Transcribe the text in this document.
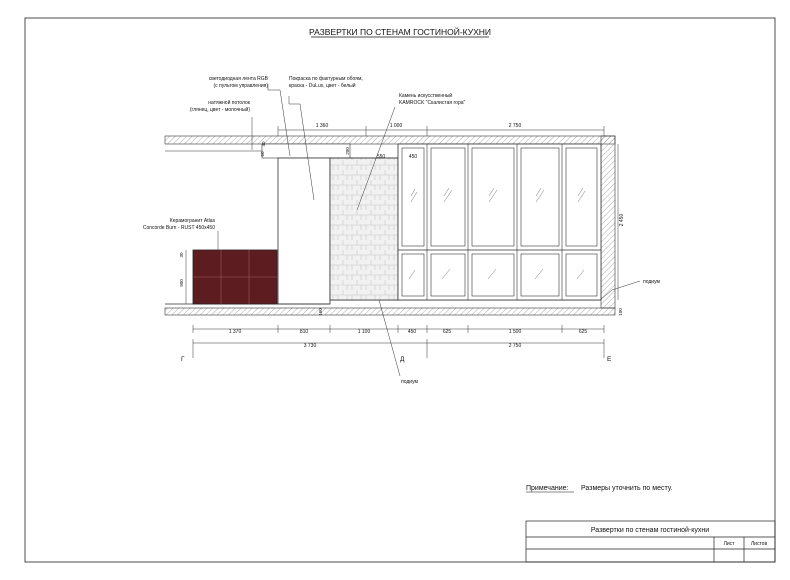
РАЗВЕРТКИ ПО СТЕНАМ ГОСТИНОЙ-КУХНИ
1 360	1 000	2 750
550	450
40
60	200
2 450
100
160
30
900
1 370	810	1 100	450	625	1 500	625
3 730	2 750
Г	Д	Е
светодиодная лента RGB
(с пультом управления)
Покраска по фактурным обоям,
краска - DuLux, цвет - белый
натяжной потолок
(глянец, цвет - молочный)
Камень искусственный
KAMROCK "Скалистая гора"
Керамогранит Atlas
Concorde Burn - RUST 450х450
подиум
подиум
Примечание: Размеры уточнить по месту.
Развертки по стенам гостиной-кухни
Лист	Листов
